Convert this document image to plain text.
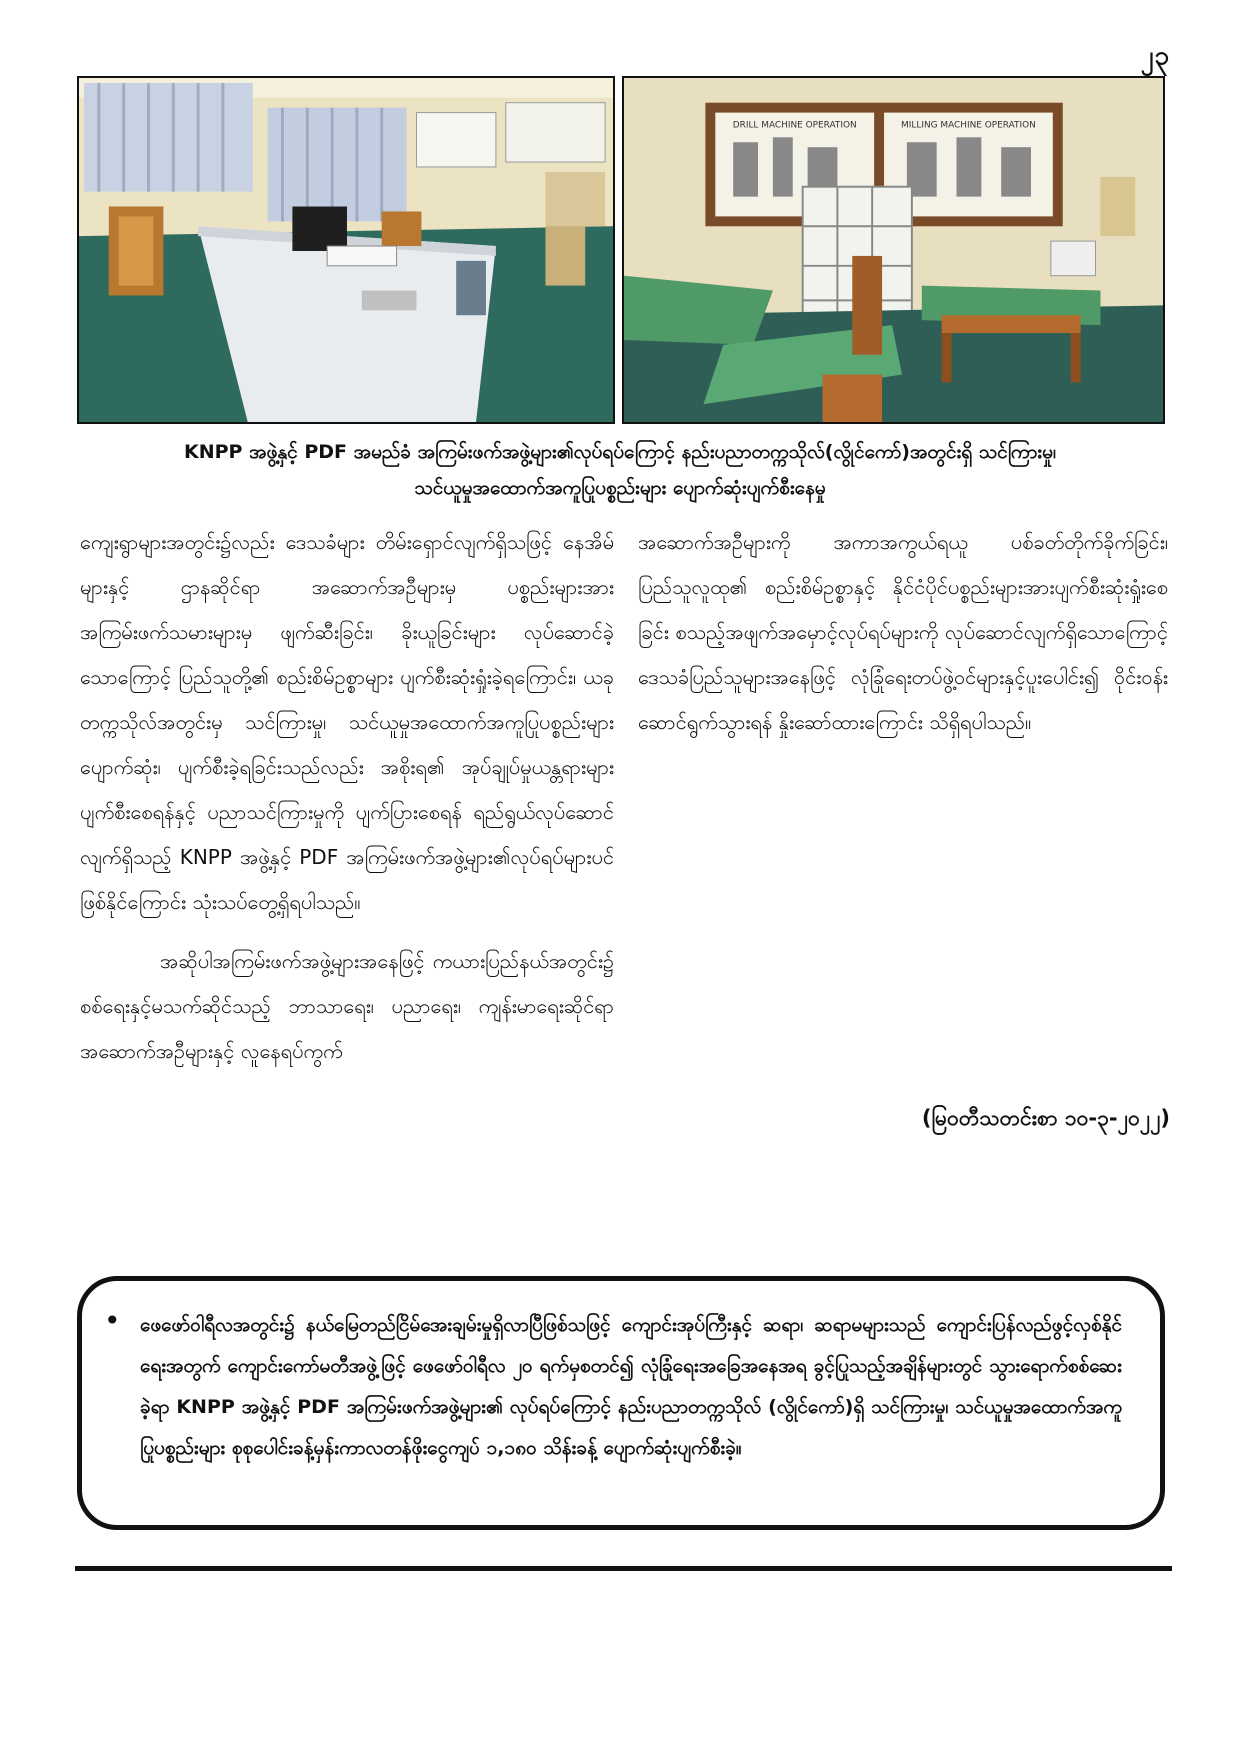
၂၃
DRILL MACHINE OPERATION	MILLING MACHINE OPERATION
KNPP အဖွဲ့နှင့် PDF အမည်ခံ အကြမ်းဖက်အဖွဲ့များ၏လုပ်ရပ်ကြောင့် နည်းပညာတက္ကသိုလ်(လွိုင်ကော်)အတွင်းရှိ သင်ကြားမှု၊
သင်ယူမှုအထောက်အကူပြုပစ္စည်းများ ပျောက်ဆုံးပျက်စီးနေမှု

ကျေးရွာများအတွင်း၌လည်း ဒေသခံများ တိမ်းရှောင်လျက်ရှိသဖြင့် နေအိမ်များနှင့် ဌာနဆိုင်ရာ အဆောက်အဦများမှ ပစ္စည်းများအား အကြမ်းဖက်သမားများမှ ဖျက်ဆီးခြင်း၊ ခိုးယူခြင်းများ လုပ်ဆောင်ခဲ့သောကြောင့် ပြည်သူတို့၏ စည်းစိမ်ဥစ္စာများ ပျက်စီးဆုံးရှုံးခဲ့ရကြောင်း၊ ယခုတက္ကသိုလ်အတွင်းမှ သင်ကြားမှု၊ သင်ယူမှုအထောက်အကူပြုပစ္စည်းများ ပျောက်ဆုံး၊ ပျက်စီးခဲ့ရခြင်းသည်လည်း အစိုးရ၏ အုပ်ချုပ်မှုယန္တရားများ ပျက်စီးစေရန်နှင့် ပညာသင်ကြားမှုကို ပျက်ပြားစေရန် ရည်ရွယ်လုပ်ဆောင်လျက်ရှိသည့် KNPP အဖွဲ့နှင့် PDF အကြမ်းဖက်အဖွဲ့များ၏လုပ်ရပ်များပင် ဖြစ်နိုင်ကြောင်း သုံးသပ်တွေ့ရှိရပါသည်။

အဆိုပါအကြမ်းဖက်အဖွဲ့များအနေဖြင့် ကယားပြည်နယ်အတွင်း၌ စစ်ရေးနှင့်မသက်ဆိုင်သည့် ဘာသာရေး၊ ပညာရေး၊ ကျန်းမာရေးဆိုင်ရာ အဆောက်အဦများနှင့် လူနေရပ်ကွက်

အဆောက်အဦများကို အကာအကွယ်ရယူ ပစ်ခတ်တိုက်ခိုက်ခြင်း၊ ပြည်သူလူထု၏ စည်းစိမ်ဥစ္စာနှင့် နိုင်ငံပိုင်ပစ္စည်းများအားပျက်စီးဆုံးရှုံးစေခြင်း စသည့်အဖျက်အမှောင့်လုပ်ရပ်များကို လုပ်ဆောင်လျက်ရှိသောကြောင့် ဒေသခံပြည်သူများအနေဖြင့် လုံခြုံရေးတပ်ဖွဲ့ဝင်များနှင့်ပူးပေါင်း၍ ဝိုင်းဝန်းဆောင်ရွက်သွားရန် နှိုးဆော်ထားကြောင်း သိရှိရပါသည်။

(မြဝတီသတင်းစာ ၁၀-၃-၂၀၂၂)
• ဖေဖော်ဝါရီလအတွင်း၌ နယ်မြေတည်ငြိမ်အေးချမ်းမှုရှိလာပြီဖြစ်သဖြင့် ကျောင်းအုပ်ကြီးနှင့် ဆရာ၊ ဆရာမများသည် ကျောင်းပြန်လည်ဖွင့်လှစ်နိုင်ရေးအတွက် ကျောင်းကော်မတီအဖွဲ့ဖြင့် ဖေဖော်ဝါရီလ ၂၀ ရက်မှစတင်၍ လုံခြုံရေးအခြေအနေအရ ခွင့်ပြုသည့်အချိန်များတွင် သွားရောက်စစ်ဆေးခဲ့ရာ KNPP အဖွဲ့နှင့် PDF အကြမ်းဖက်အဖွဲ့များ၏ လုပ်ရပ်ကြောင့် နည်းပညာတက္ကသိုလ် (လွိုင်ကော်)ရှိ သင်ကြားမှု၊ သင်ယူမှုအထောက်အကူပြုပစ္စည်းများ စုစုပေါင်းခန့်မှန်းကာလတန်ဖိုးငွေကျပ် ၁,၁၈၀ သိန်းခန့် ပျောက်ဆုံးပျက်စီးခဲ့။
